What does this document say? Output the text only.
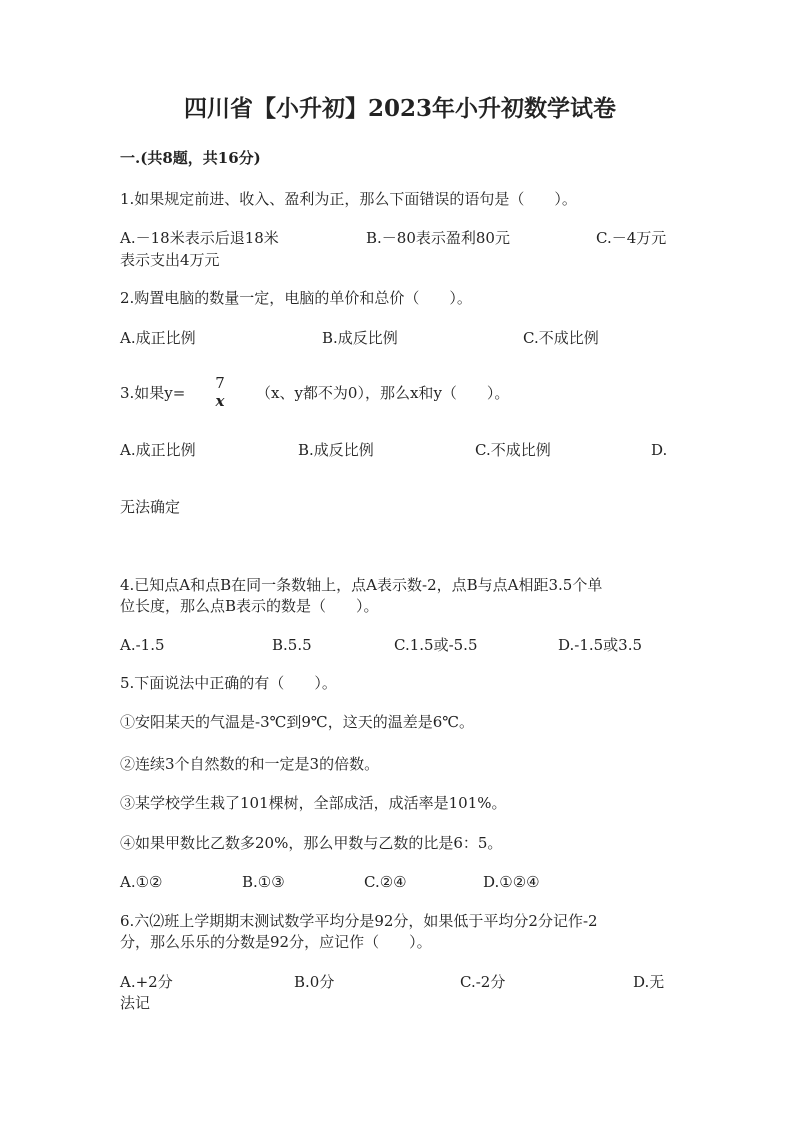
四川省【小升初】2023年小升初数学试卷
一.(共8题，共16分)
1.如果规定前进、收入、盈利为正，那么下面错误的语句是（　　）。
A.－18米表示后退18米	B.－80表示盈利80元	C.－4万元
表示支出4万元
2.购置电脑的数量一定，电脑的单价和总价（　　）。
A.成正比例	B.成反比例	C.不成比例
3.如果y=
7
x （x、y都不为0），那么x和y（　　）。
A.成正比例	B.成反比例	C.不成比例	D.
无法确定
4.已知点A和点B在同一条数轴上，点A表示数-2，点B与点A相距3.5个单
位长度，那么点B表示的数是（　　）。
A.-1.5	B.5.5	C.1.5或-5.5	D.-1.5或3.5
5.下面说法中正确的有（　　）。
①安阳某天的气温是-3℃到9℃，这天的温差是6℃。
②连续3个自然数的和一定是3的倍数。
③某学校学生栽了101棵树，全部成活，成活率是101%。
④如果甲数比乙数多20%，那么甲数与乙数的比是6：5。
A.①②	B.①③	C.②④	D.①②④
6.六⑵班上学期期末测试数学平均分是92分，如果低于平均分2分记作-2
分，那么乐乐的分数是92分，应记作（　　）。
A.+2分	B.0分	C.-2分	D.无
法记
